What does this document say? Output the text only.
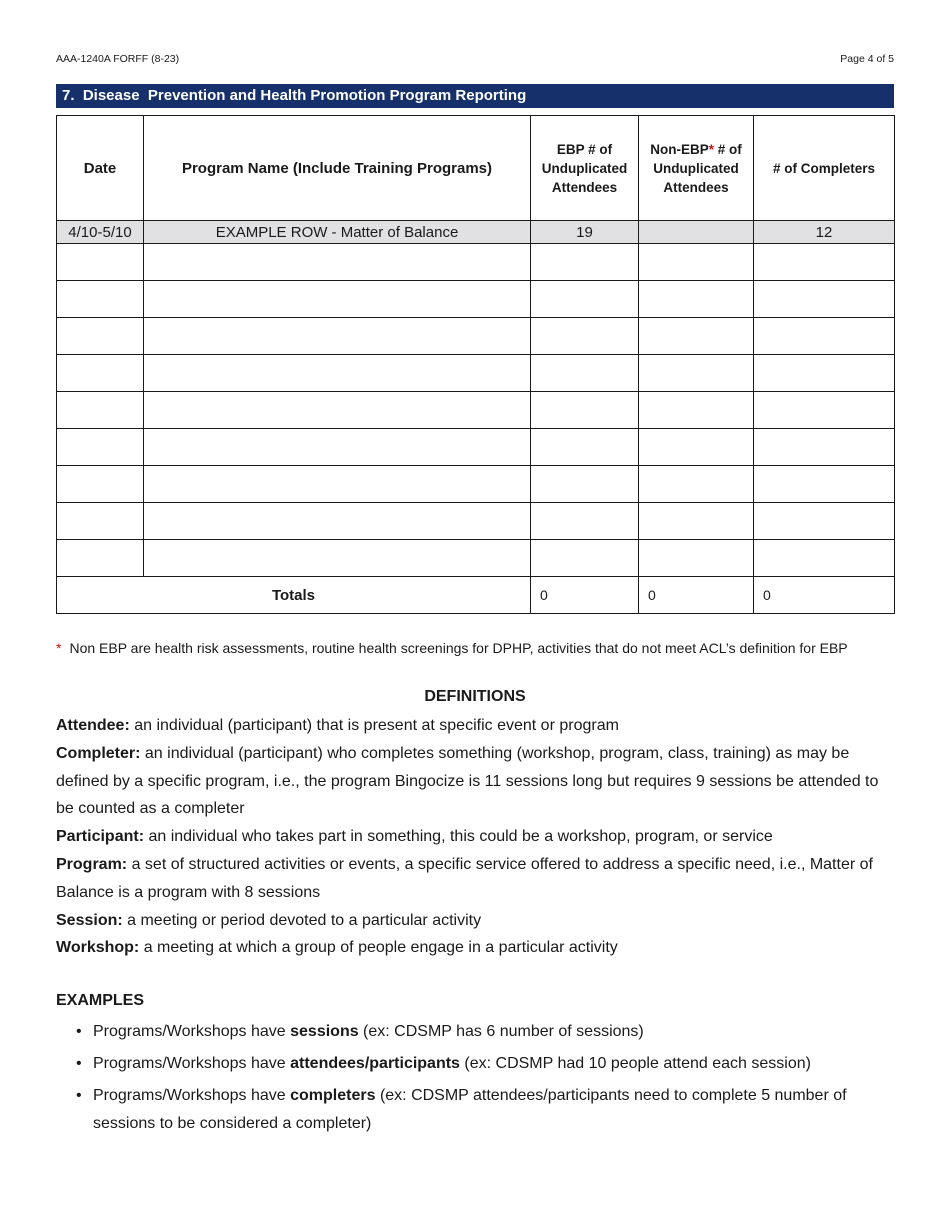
AAA-1240A FORFF (8-23)	Page 4 of 5
7.  Disease  Prevention and Health Promotion Program Reporting
Date	Program Name (Include Training Programs)	EBP # of Unduplicated Attendees	Non-EBP* # of Unduplicated Attendees	# of Completers
4/10-5/10	EXAMPLE ROW - Matter of Balance	19		12

Totals		0	0	0
* Non EBP are health risk assessments, routine health screenings for DPHP, activities that do not meet ACL’s definition for EBP
DEFINITIONS

Attendee: an individual (participant) that is present at specific event or program

Completer: an individual (participant) who completes something (workshop, program, class, training) as may be defined by a specific program, i.e., the program Bingocize is 11 sessions long but requires 9 sessions be attended to be counted as a completer

Participant: an individual who takes part in something, this could be a workshop, program, or service

Program: a set of structured activities or events, a specific service offered to address a specific need, i.e., Matter of Balance is a program with 8 sessions

Session: a meeting or period devoted to a particular activity

Workshop: a meeting at which a group of people engage in a particular activity

EXAMPLES
• Programs/Workshops have sessions (ex: CDSMP has 6 number of sessions)
• Programs/Workshops have attendees/participants (ex: CDSMP had 10 people attend each session)
• Programs/Workshops have completers (ex: CDSMP attendees/participants need to complete 5 number of sessions to be considered a completer)
